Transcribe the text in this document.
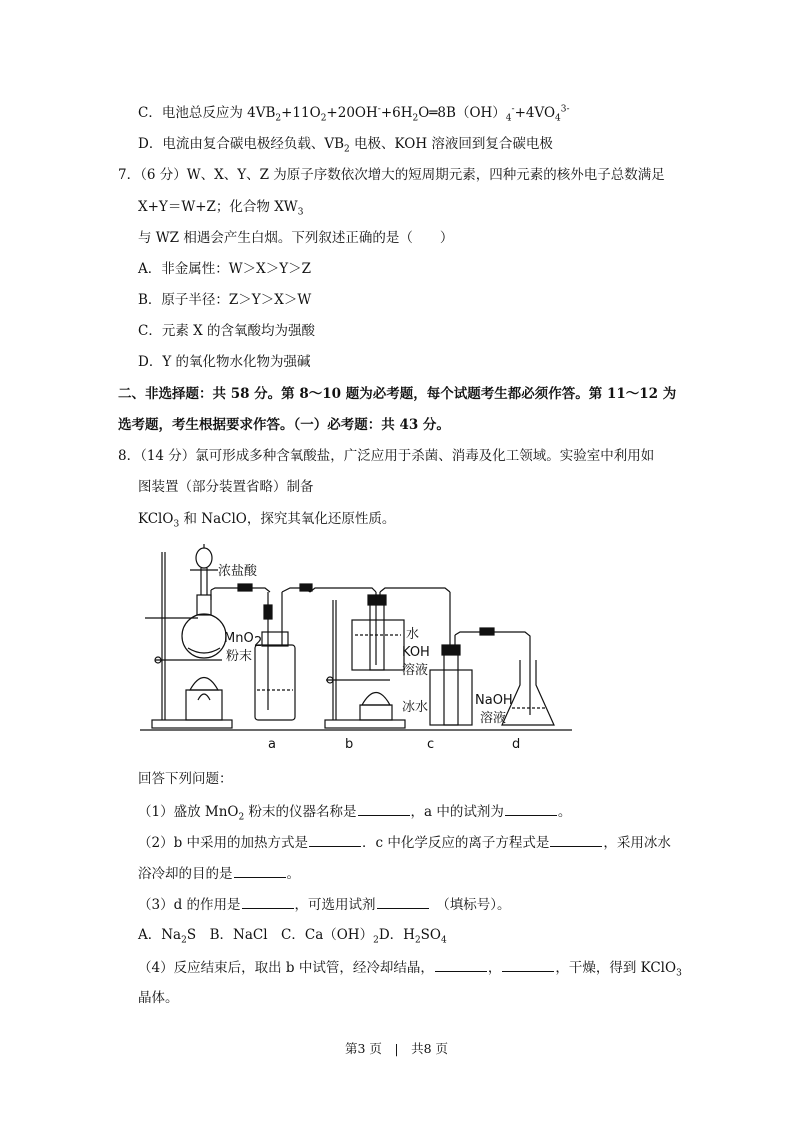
C．电池总反应为 $4VB_2+11O_2+20OH^-+6H_2O═8B(OH)_4^-+4VO_4^{3-}$
D．电流由复合碳电极经负载、$VB_2$ 电极、KOH 溶液回到复合碳电极
7．（6 分）W、X、Y、Z 为原子序数依次增大的短周期元素，四种元素的核外电子总数满足
X+Y＝W+Z；化合物 $XW_3$
与 WZ 相遇会产生白烟。下列叙述正确的是（　　）
A．非金属性：W＞X＞Y＞Z
B．原子半径：Z＞Y＞X＞W
C．元素 X 的含氧酸均为强酸
D．Y 的氧化物水化物为强碱
二、非选择题：共 58 分。第 8～10 题为必考题，每个试题考生都必须作答。第 11～12 为
选考题，考生根据要求作答。（一）必考题：共 43 分。
8．（14 分）氯可形成多种含氧酸盐，广泛应用于杀菌、消毒及化工领域。实验室中利用如
图装置（部分装置省略）制备
KClO$_3$ 和 NaClO，探究其氧化还原性质。
浓盐酸
MnO 2
粉末
水
KOH
溶液
冰水	NaOH
溶液
a	b	c	d
回答下列问题：
（1）盛放 MnO$_2$ 粉末的仪器名称是	，a 中的试剂为	。
（2）b 中采用的加热方式是	．c 中化学反应的离子方程式是	，采用冰水
浴冷却的目的是	。
（3）d 的作用是	，可选用试剂	　（填标号）。
A．$Na_2S$　B．NaCl　C．$Ca(OH)_2D$．$H_2SO_4$
（4）反应结束后，取出 b 中试管，经冷却结晶，	，	，干燥，得到 KClO$_3$
晶体。
第3 页　|　共8 页
